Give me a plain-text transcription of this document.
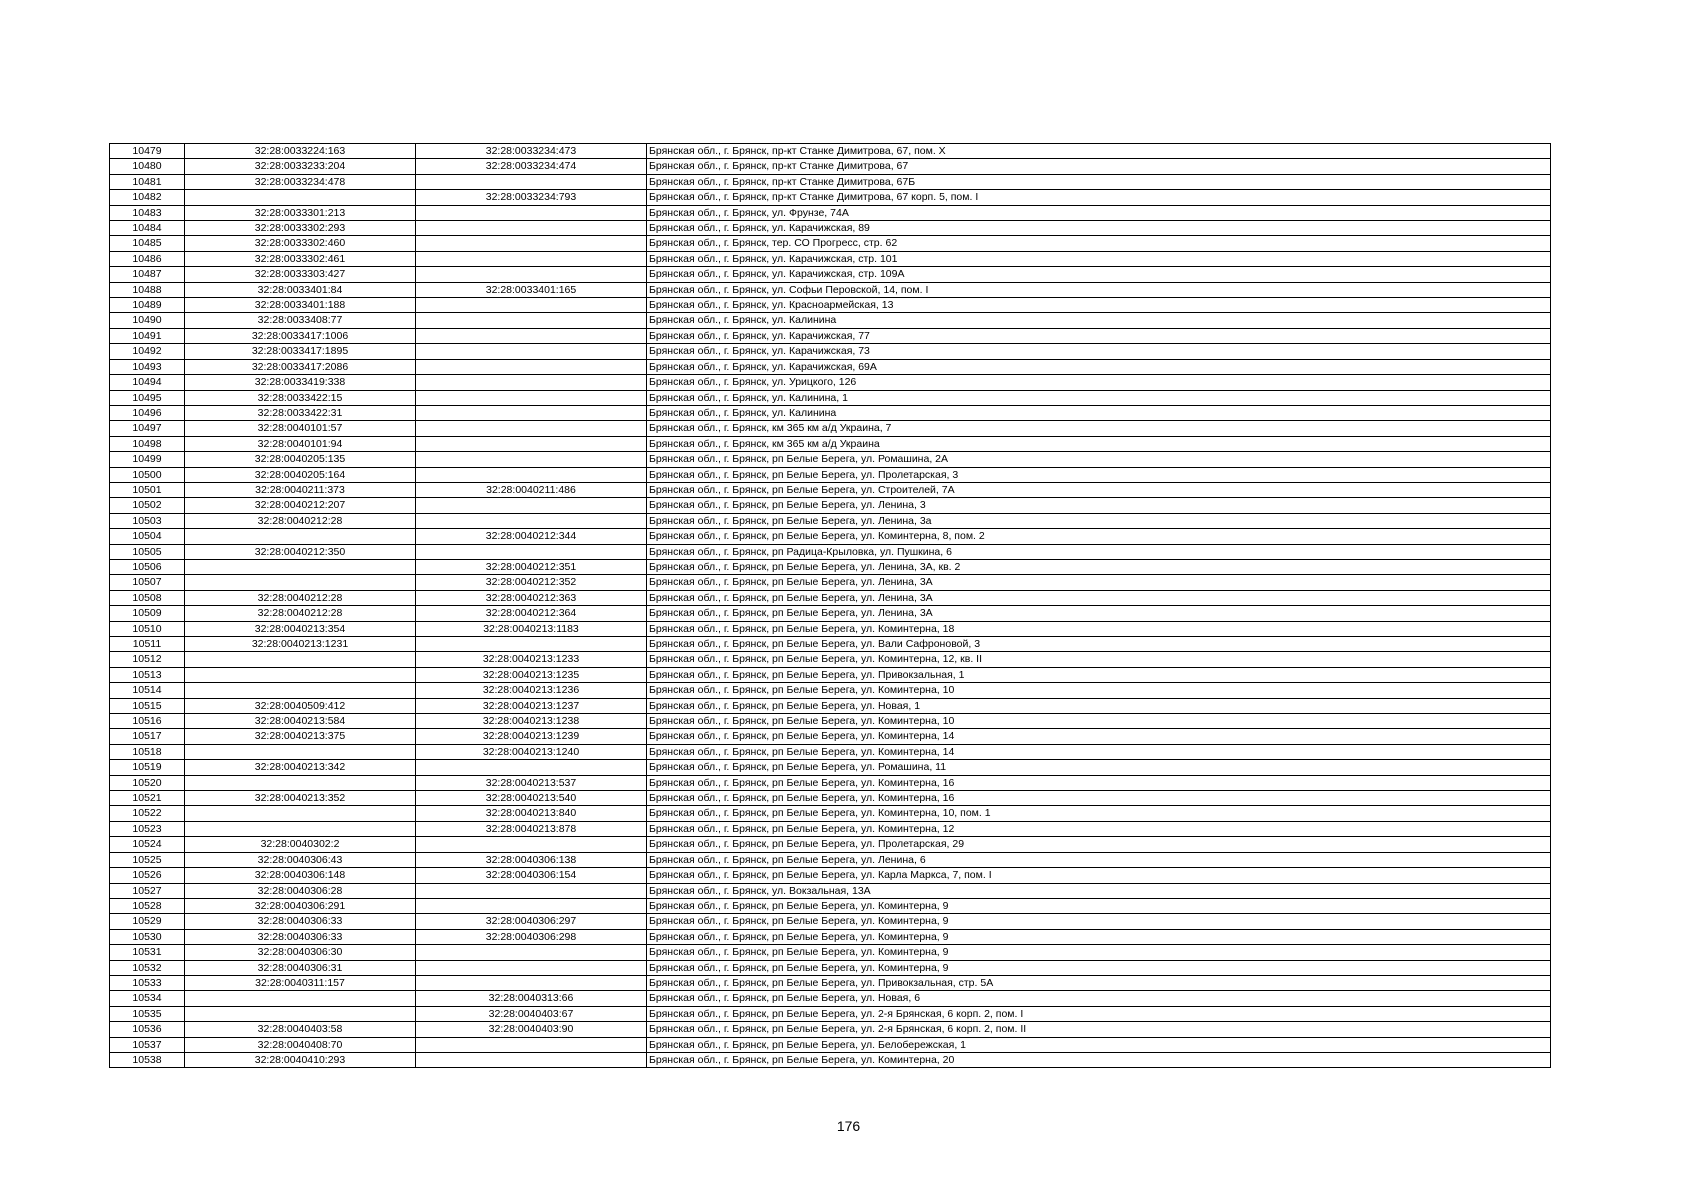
10479	32:28:0033224:163	32:28:0033234:473	Брянская обл., г. Брянск, пр-кт Станке Димитрова, 67, пом. X
10480	32:28:0033233:204	32:28:0033234:474	Брянская обл., г. Брянск, пр-кт Станке Димитрова, 67
10481	32:28:0033234:478		Брянская обл., г. Брянск, пр-кт Станке Димитрова, 67Б
10482		32:28:0033234:793	Брянская обл., г. Брянск, пр-кт Станке Димитрова, 67 корп. 5, пом. I
10483	32:28:0033301:213		Брянская обл., г. Брянск, ул. Фрунзе, 74А
10484	32:28:0033302:293		Брянская обл., г. Брянск, ул. Карачижская, 89
10485	32:28:0033302:460		Брянская обл., г. Брянск, тер. СО Прогресс, стр. 62
10486	32:28:0033302:461		Брянская обл., г. Брянск, ул. Карачижская, стр. 101
10487	32:28:0033303:427		Брянская обл., г. Брянск, ул. Карачижская, стр. 109А
10488	32:28:0033401:84	32:28:0033401:165	Брянская обл., г. Брянск, ул. Софьи Перовской, 14, пом. I
10489	32:28:0033401:188		Брянская обл., г. Брянск, ул. Красноармейская, 13
10490	32:28:0033408:77		Брянская обл., г. Брянск, ул. Калинина
10491	32:28:0033417:1006		Брянская обл., г. Брянск, ул. Карачижская, 77
10492	32:28:0033417:1895		Брянская обл., г. Брянск, ул. Карачижская, 73
10493	32:28:0033417:2086		Брянская обл., г. Брянск, ул. Карачижская, 69А
10494	32:28:0033419:338		Брянская обл., г. Брянск, ул. Урицкого, 126
10495	32:28:0033422:15		Брянская обл., г. Брянск, ул. Калинина, 1
10496	32:28:0033422:31		Брянская обл., г. Брянск, ул. Калинина
10497	32:28:0040101:57		Брянская обл., г. Брянск, км 365 км а/д Украина, 7
10498	32:28:0040101:94		Брянская обл., г. Брянск, км 365 км а/д Украина
10499	32:28:0040205:135		Брянская обл., г. Брянск, рп Белые Берега, ул. Ромашина, 2А
10500	32:28:0040205:164		Брянская обл., г. Брянск, рп Белые Берега, ул. Пролетарская, 3
10501	32:28:0040211:373	32:28:0040211:486	Брянская обл., г. Брянск, рп Белые Берега, ул. Строителей, 7А
10502	32:28:0040212:207		Брянская обл., г. Брянск, рп Белые Берега, ул. Ленина, 3
10503	32:28:0040212:28		Брянская обл., г. Брянск, рп Белые Берега, ул. Ленина, 3а
10504		32:28:0040212:344	Брянская обл., г. Брянск, рп Белые Берега, ул. Коминтерна, 8, пом. 2
10505	32:28:0040212:350		Брянская обл., г. Брянск, рп Радица-Крыловка, ул. Пушкина, 6
10506		32:28:0040212:351	Брянская обл., г. Брянск, рп Белые Берега, ул. Ленина, 3А, кв. 2
10507		32:28:0040212:352	Брянская обл., г. Брянск, рп Белые Берега, ул. Ленина, 3А
10508	32:28:0040212:28	32:28:0040212:363	Брянская обл., г. Брянск, рп Белые Берега, ул. Ленина, 3А
10509	32:28:0040212:28	32:28:0040212:364	Брянская обл., г. Брянск, рп Белые Берега, ул. Ленина, 3А
10510	32:28:0040213:354	32:28:0040213:1183	Брянская обл., г. Брянск, рп Белые Берега, ул. Коминтерна, 18
10511	32:28:0040213:1231		Брянская обл., г. Брянск, рп Белые Берега, ул. Вали Сафроновой, 3
10512		32:28:0040213:1233	Брянская обл., г. Брянск, рп Белые Берега, ул. Коминтерна, 12, кв. II
10513		32:28:0040213:1235	Брянская обл., г. Брянск, рп Белые Берега, ул. Привокзальная, 1
10514		32:28:0040213:1236	Брянская обл., г. Брянск, рп Белые Берега, ул. Коминтерна, 10
10515	32:28:0040509:412	32:28:0040213:1237	Брянская обл., г. Брянск, рп Белые Берега, ул. Новая, 1
10516	32:28:0040213:584	32:28:0040213:1238	Брянская обл., г. Брянск, рп Белые Берега, ул. Коминтерна, 10
10517	32:28:0040213:375	32:28:0040213:1239	Брянская обл., г. Брянск, рп Белые Берега, ул. Коминтерна, 14
10518		32:28:0040213:1240	Брянская обл., г. Брянск, рп Белые Берега, ул. Коминтерна, 14
10519	32:28:0040213:342		Брянская обл., г. Брянск, рп Белые Берега, ул. Ромашина, 11
10520		32:28:0040213:537	Брянская обл., г. Брянск, рп Белые Берега, ул. Коминтерна, 16
10521	32:28:0040213:352	32:28:0040213:540	Брянская обл., г. Брянск, рп Белые Берега, ул. Коминтерна, 16
10522		32:28:0040213:840	Брянская обл., г. Брянск, рп Белые Берега, ул. Коминтерна, 10, пом. 1
10523		32:28:0040213:878	Брянская обл., г. Брянск, рп Белые Берега, ул. Коминтерна, 12
10524	32:28:0040302:2		Брянская обл., г. Брянск, рп Белые Берега, ул. Пролетарская, 29
10525	32:28:0040306:43	32:28:0040306:138	Брянская обл., г. Брянск, рп Белые Берега, ул. Ленина, 6
10526	32:28:0040306:148	32:28:0040306:154	Брянская обл., г. Брянск, рп Белые Берега, ул. Карла Маркса, 7, пом. I
10527	32:28:0040306:28		Брянская обл., г. Брянск, ул. Вокзальная, 13А
10528	32:28:0040306:291		Брянская обл., г. Брянск, рп Белые Берега, ул. Коминтерна, 9
10529	32:28:0040306:33	32:28:0040306:297	Брянская обл., г. Брянск, рп Белые Берега, ул. Коминтерна, 9
10530	32:28:0040306:33	32:28:0040306:298	Брянская обл., г. Брянск, рп Белые Берега, ул. Коминтерна, 9
10531	32:28:0040306:30		Брянская обл., г. Брянск, рп Белые Берега, ул. Коминтерна, 9
10532	32:28:0040306:31		Брянская обл., г. Брянск, рп Белые Берега, ул. Коминтерна, 9
10533	32:28:0040311:157		Брянская обл., г. Брянск, рп Белые Берега, ул. Привокзальная, стр. 5А
10534		32:28:0040313:66	Брянская обл., г. Брянск, рп Белые Берега, ул. Новая, 6
10535		32:28:0040403:67	Брянская обл., г. Брянск, рп Белые Берега, ул. 2-я Брянская, 6 корп. 2, пом. I
10536	32:28:0040403:58	32:28:0040403:90	Брянская обл., г. Брянск, рп Белые Берега, ул. 2-я Брянская, 6 корп. 2, пом. II
10537	32:28:0040408:70		Брянская обл., г. Брянск, рп Белые Берега, ул. Белобережская, 1
10538	32:28:0040410:293		Брянская обл., г. Брянск, рп Белые Берега, ул. Коминтерна, 20
176
